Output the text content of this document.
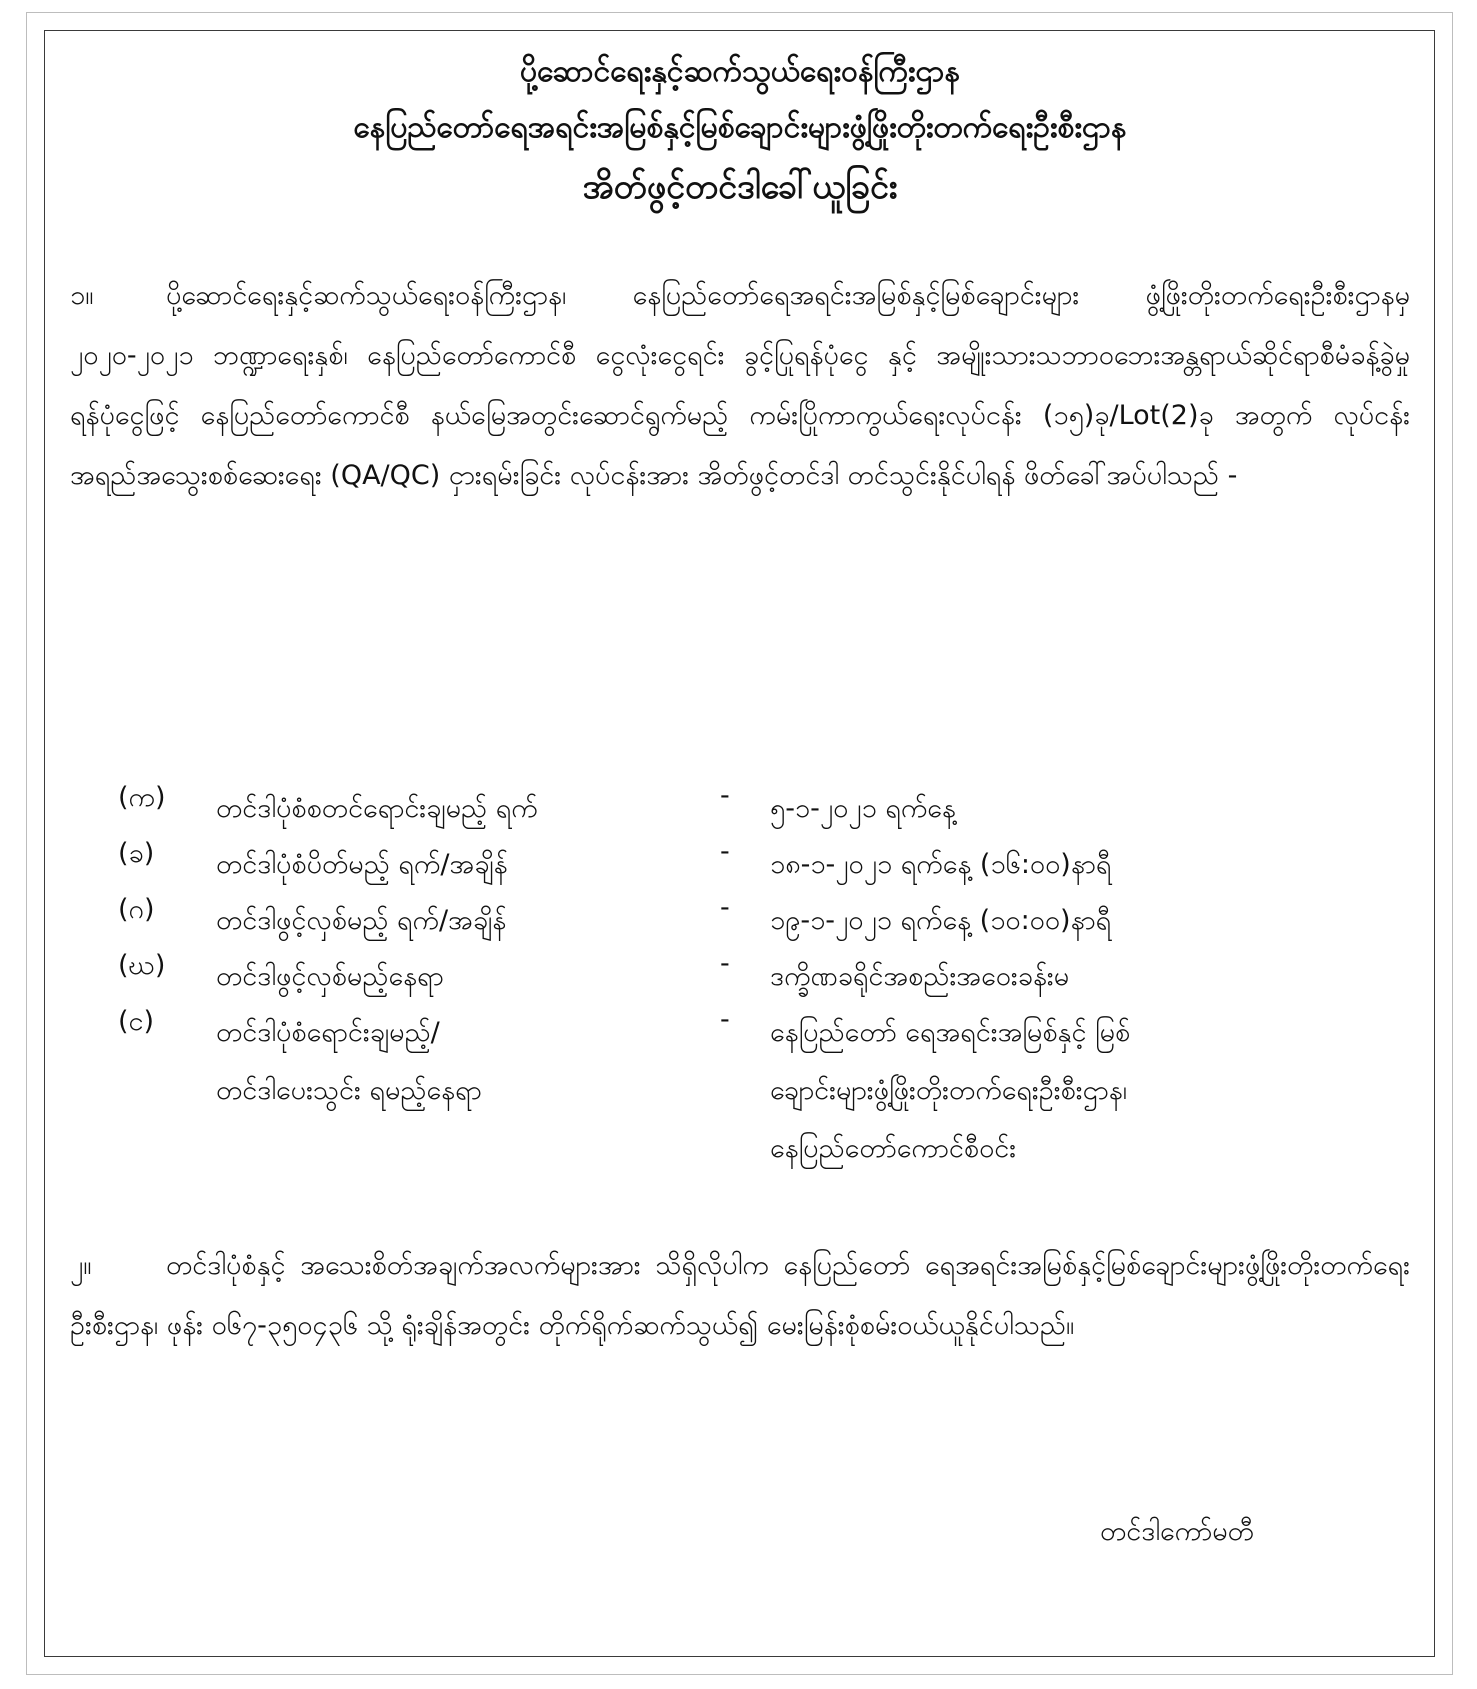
ပို့ဆောင်ရေးနှင့်ဆက်သွယ်ရေးဝန်ကြီးဌာန

နေပြည်တော်ရေအရင်းအမြစ်နှင့်မြစ်ချောင်းများဖွံ့ဖြိုးတိုးတက်ရေးဦးစီးဌာန

အိတ်ဖွင့်တင်ဒါခေါ်ယူခြင်း

၁။	ပို့ဆောင်ရေးနှင့်ဆက်သွယ်ရေးဝန်ကြီးဌာန၊ နေပြည်တော်ရေအရင်းအမြစ်နှင့်မြစ်ချောင်းများ ဖွံ့ဖြိုးတိုးတက်ရေးဦးစီးဌာနမှ ၂၀၂၀-၂၀၂၁ ဘဏ္ဍာရေးနှစ်၊ နေပြည်တော်ကောင်စီ ငွေလုံးငွေရင်း ခွင့်ပြုရန်ပုံငွေ နှင့် အမျိုးသားသဘာဝဘေးအန္တရာယ်ဆိုင်ရာစီမံခန့်ခွဲမှုရန်ပုံငွေဖြင့် နေပြည်တော်ကောင်စီ နယ်မြေအတွင်းဆောင်ရွက်မည့် ကမ်းပြိုကာကွယ်ရေးလုပ်ငန်း (၁၅)ခု/Lot(2)ခု အတွက် လုပ်ငန်း အရည်အသွေးစစ်ဆေးရေး (QA/QC) ငှားရမ်းခြင်း လုပ်ငန်းအား အိတ်ဖွင့်တင်ဒါ တင်သွင်းနိုင်ပါရန် ဖိတ်ခေါ်အပ်ပါသည် -
(က)	တင်ဒါပုံစံစတင်ရောင်းချမည့် ရက်	-	၅-၁-၂၀၂၁ ရက်နေ့
(ခ)	တင်ဒါပုံစံပိတ်မည့် ရက်/အချိန်	-	၁၈-၁-၂၀၂၁ ရက်နေ့ (၁၆:၀၀)နာရီ
(ဂ)	တင်ဒါဖွင့်လှစ်မည့် ရက်/အချိန်	-	၁၉-၁-၂၀၂၁ ရက်နေ့ (၁၀:၀၀)နာရီ
(ဃ)	တင်ဒါဖွင့်လှစ်မည့်နေရာ	-	ဒက္ခိဏခရိုင်အစည်းအဝေးခန်းမ
(င)	တင်ဒါပုံစံရောင်းချမည့်/
တင်ဒါပေးသွင်း ရမည့်နေရာ
-	နေပြည်တော် ရေအရင်းအမြစ်နှင့် မြစ်
ချောင်းများဖွံ့ဖြိုးတိုးတက်ရေးဦးစီးဌာန၊
နေပြည်တော်ကောင်စီဝင်း
၂။	တင်ဒါပုံစံနှင့် အသေးစိတ်အချက်အလက်များအား သိရှိလိုပါက နေပြည်တော် ရေအရင်းအမြစ်နှင့်မြစ်ချောင်းများဖွံ့ဖြိုးတိုးတက်ရေးဦးစီးဌာန၊ ဖုန်း ၀၆၇-၃၅၀၄၃၆ သို့ ရုံးချိန်အတွင်း တိုက်ရိုက်ဆက်သွယ်၍ မေးမြန်းစုံစမ်းဝယ်ယူနိုင်ပါသည်။
တင်ဒါကော်မတီ
